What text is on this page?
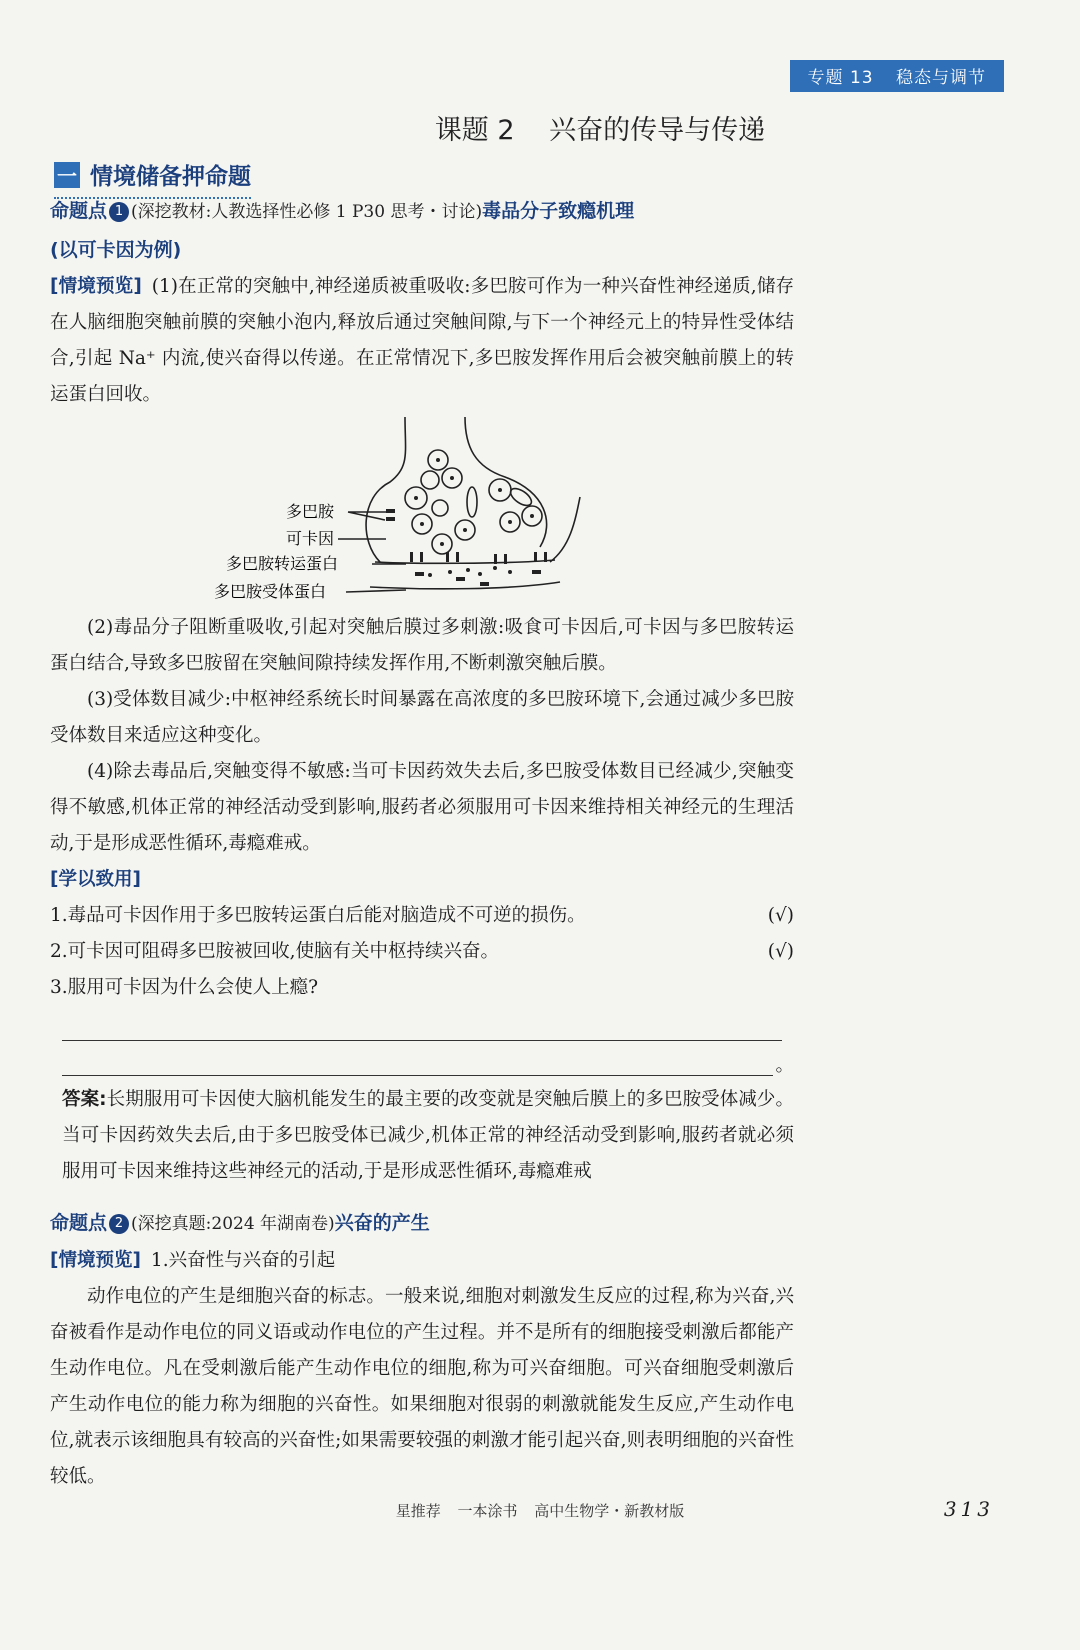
专题 13 稳态与调节
课题 2 兴奋的传导与传递
一 情境储备押命题
命题点 1 (深挖教材:人教选择性必修 1 P30 思考・讨论)毒品分子致瘾机理
(以可卡因为例)

[情境预览] (1)在正常的突触中,神经递质被重吸收:多巴胺可作为一种兴奋性神经递质,储存在人脑细胞突触前膜的突触小泡内,释放后通过突触间隙,与下一个神经元上的特异性受体结合,引起 Na⁺ 内流,使兴奋得以传递。在正常情况下,多巴胺发挥作用后会被突触前膜上的转运蛋白回收。

多巴胺
可卡因
多巴胺转运蛋白
多巴胺受体蛋白

(2)毒品分子阻断重吸收,引起对突触后膜过多刺激:吸食可卡因后,可卡因与多巴胺转运蛋白结合,导致多巴胺留在突触间隙持续发挥作用,不断刺激突触后膜。

(3)受体数目减少:中枢神经系统长时间暴露在高浓度的多巴胺环境下,会通过减少多巴胺受体数目来适应这种变化。

(4)除去毒品后,突触变得不敏感:当可卡因药效失去后,多巴胺受体数目已经减少,突触变得不敏感,机体正常的神经活动受到影响,服药者必须服用可卡因来维持相关神经元的生理活动,于是形成恶性循环,毒瘾难戒。

[学以致用]
1.毒品可卡因作用于多巴胺转运蛋白后能对脑造成不可逆的损伤。	(√)
2.可卡因可阻碍多巴胺被回收,使脑有关中枢持续兴奋。	(√)
3.服用可卡因为什么会使人上瘾?
。

答案:长期服用可卡因使大脑机能发生的最主要的改变就是突触后膜上的多巴胺受体减少。当可卡因药效失去后,由于多巴胺受体已减少,机体正常的神经活动受到影响,服药者就必须服用可卡因来维持这些神经元的活动,于是形成恶性循环,毒瘾难戒

命题点 2 (深挖真题:2024 年湖南卷)兴奋的产生
[情境预览] 1.兴奋性与兴奋的引起

动作电位的产生是细胞兴奋的标志。一般来说,细胞对刺激发生反应的过程,称为兴奋,兴奋被看作是动作电位的同义语或动作电位的产生过程。并不是所有的细胞接受刺激后都能产生动作电位。凡在受刺激后能产生动作电位的细胞,称为可兴奋细胞。可兴奋细胞受刺激后产生动作电位的能力称为细胞的兴奋性。如果细胞对很弱的刺激就能发生反应,产生动作电位,就表示该细胞具有较高的兴奋性;如果需要较强的刺激才能引起兴奋,则表明细胞的兴奋性较低。

星推荐 一本涂书 高中生物学・新教材版	313
